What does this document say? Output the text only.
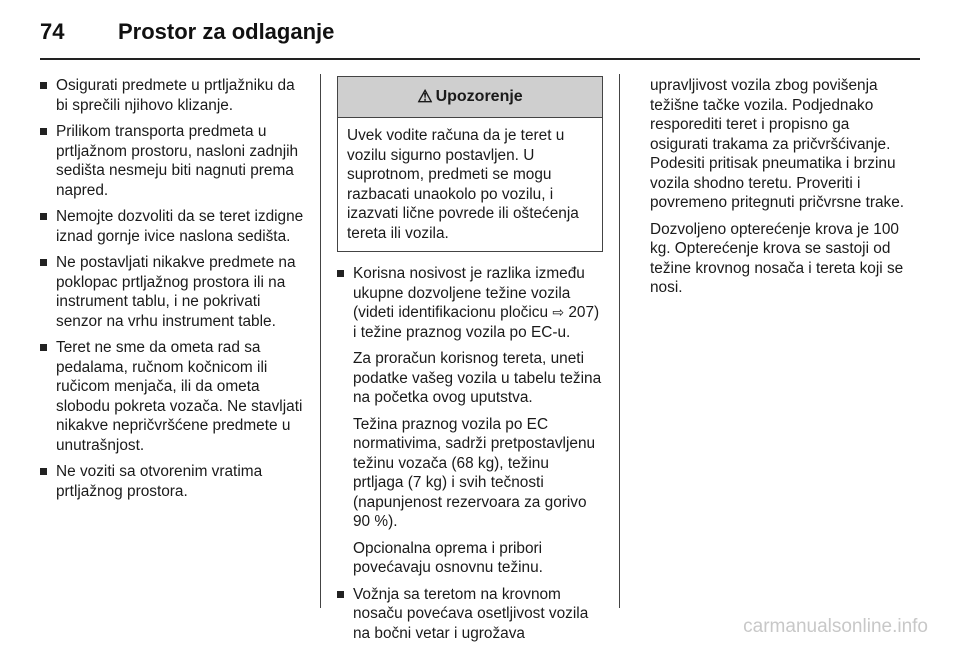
74	Prostor za odlaganje
Osigurati predmete u prtljažniku da bi sprečili njihovo klizanje.
Prilikom transporta predmeta u prtljažnom prostoru, nasloni zadnjih sedišta nesmeju biti nagnuti prema napred.
Nemojte dozvoliti da se teret izdigne iznad gornje ivice naslona sedišta.
Ne postavljati nikakve predmete na poklopac prtljažnog prostora ili na instrument tablu, i ne pokrivati senzor na vrhu instrument table.
Teret ne sme da ometa rad sa pedalama, ručnom kočnicom ili ručicom menjača, ili da ometa slobodu pokreta vozača. Ne stavljati nikakve nepričvršćene predmete u unutrašnjost.
Ne voziti sa otvorenim vratima prtljažnog prostora.
⚠ Upozorenje
Uvek vodite računa da je teret u vozilu sigurno postavljen. U suprotnom, predmeti se mogu razbacati unaokolo po vozilu, i izazvati lične povrede ili oštećenja tereta ili vozila.
Korisna nosivost je razlika između ukupne dozvoljene težine vozila (videti identifikacionu pločicu ⇨ 207) i težine praznog vozila po EC-u.
Za proračun korisnog tereta, uneti podatke vašeg vozila u tabelu težina na početka ovog uputstva.
Težina praznog vozila po EC normativima, sadrži pretpostavljenu težinu vozača (68 kg), težinu prtljaga (7 kg) i svih tečnosti (napunjenost rezervoara za gorivo 90 %).
Opcionalna oprema i pribori povećavaju osnovnu težinu.
Vožnja sa teretom na krovnom nosaču povećava osetljivost vozila na bočni vetar i ugrožava
upravljivost vozila zbog povišenja težišne tačke vozila. Podjednako resporediti teret i propisno ga osigurati trakama za pričvršćivanje. Podesiti pritisak pneumatika i brzinu vozila shodno teretu. Proveriti i povremeno pritegnuti pričvrsne trake.
Dozvoljeno opterećenje krova je 100 kg. Opterećenje krova se sastoji od težine krovnog nosača i tereta koji se nosi.
carmanualsonline.info
